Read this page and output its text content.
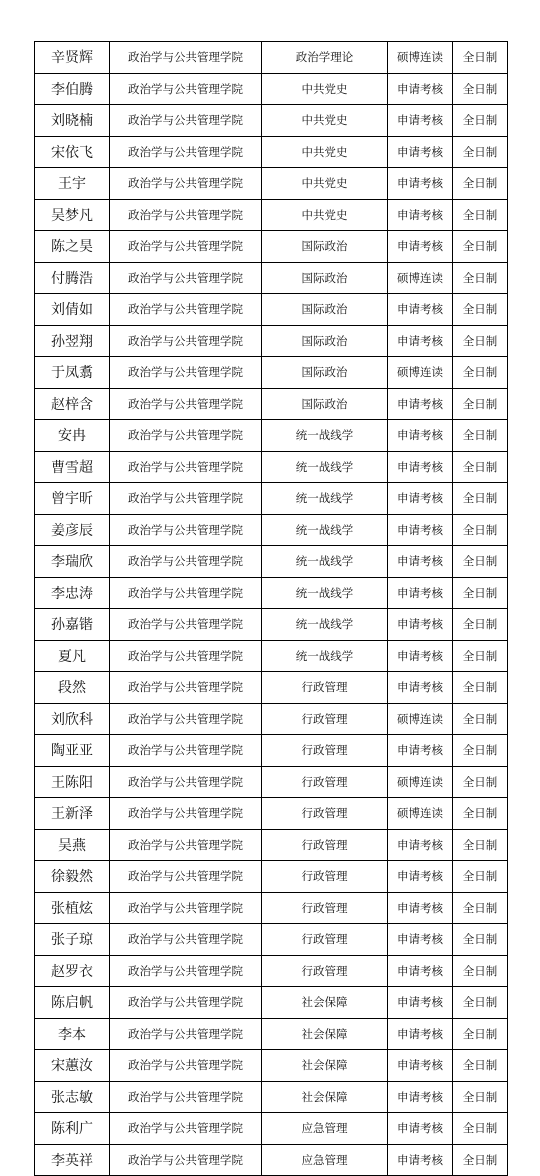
辛贤辉	政治学与公共管理学院	政治学理论	硕博连读	全日制
李伯腾	政治学与公共管理学院	中共党史	申请考核	全日制
刘晓楠	政治学与公共管理学院	中共党史	申请考核	全日制
宋依飞	政治学与公共管理学院	中共党史	申请考核	全日制
王宇	政治学与公共管理学院	中共党史	申请考核	全日制
吴梦凡	政治学与公共管理学院	中共党史	申请考核	全日制
陈之昊	政治学与公共管理学院	国际政治	申请考核	全日制
付腾浩	政治学与公共管理学院	国际政治	硕博连读	全日制
刘倩如	政治学与公共管理学院	国际政治	申请考核	全日制
孙翌翔	政治学与公共管理学院	国际政治	申请考核	全日制
于凤翥	政治学与公共管理学院	国际政治	硕博连读	全日制
赵梓含	政治学与公共管理学院	国际政治	申请考核	全日制
安冉	政治学与公共管理学院	统一战线学	申请考核	全日制
曹雪超	政治学与公共管理学院	统一战线学	申请考核	全日制
曾宇昕	政治学与公共管理学院	统一战线学	申请考核	全日制
姜彦辰	政治学与公共管理学院	统一战线学	申请考核	全日制
李瑞欣	政治学与公共管理学院	统一战线学	申请考核	全日制
李忠涛	政治学与公共管理学院	统一战线学	申请考核	全日制
孙嘉锴	政治学与公共管理学院	统一战线学	申请考核	全日制
夏凡	政治学与公共管理学院	统一战线学	申请考核	全日制
段然	政治学与公共管理学院	行政管理	申请考核	全日制
刘欣科	政治学与公共管理学院	行政管理	硕博连读	全日制
陶亚亚	政治学与公共管理学院	行政管理	申请考核	全日制
王陈阳	政治学与公共管理学院	行政管理	硕博连读	全日制
王新泽	政治学与公共管理学院	行政管理	硕博连读	全日制
吴燕	政治学与公共管理学院	行政管理	申请考核	全日制
徐毅然	政治学与公共管理学院	行政管理	申请考核	全日制
张植炫	政治学与公共管理学院	行政管理	申请考核	全日制
张子琼	政治学与公共管理学院	行政管理	申请考核	全日制
赵罗衣	政治学与公共管理学院	行政管理	申请考核	全日制
陈启帆	政治学与公共管理学院	社会保障	申请考核	全日制
李本	政治学与公共管理学院	社会保障	申请考核	全日制
宋蕙汝	政治学与公共管理学院	社会保障	申请考核	全日制
张志敏	政治学与公共管理学院	社会保障	申请考核	全日制
陈利广	政治学与公共管理学院	应急管理	申请考核	全日制
李英祥	政治学与公共管理学院	应急管理	申请考核	全日制
